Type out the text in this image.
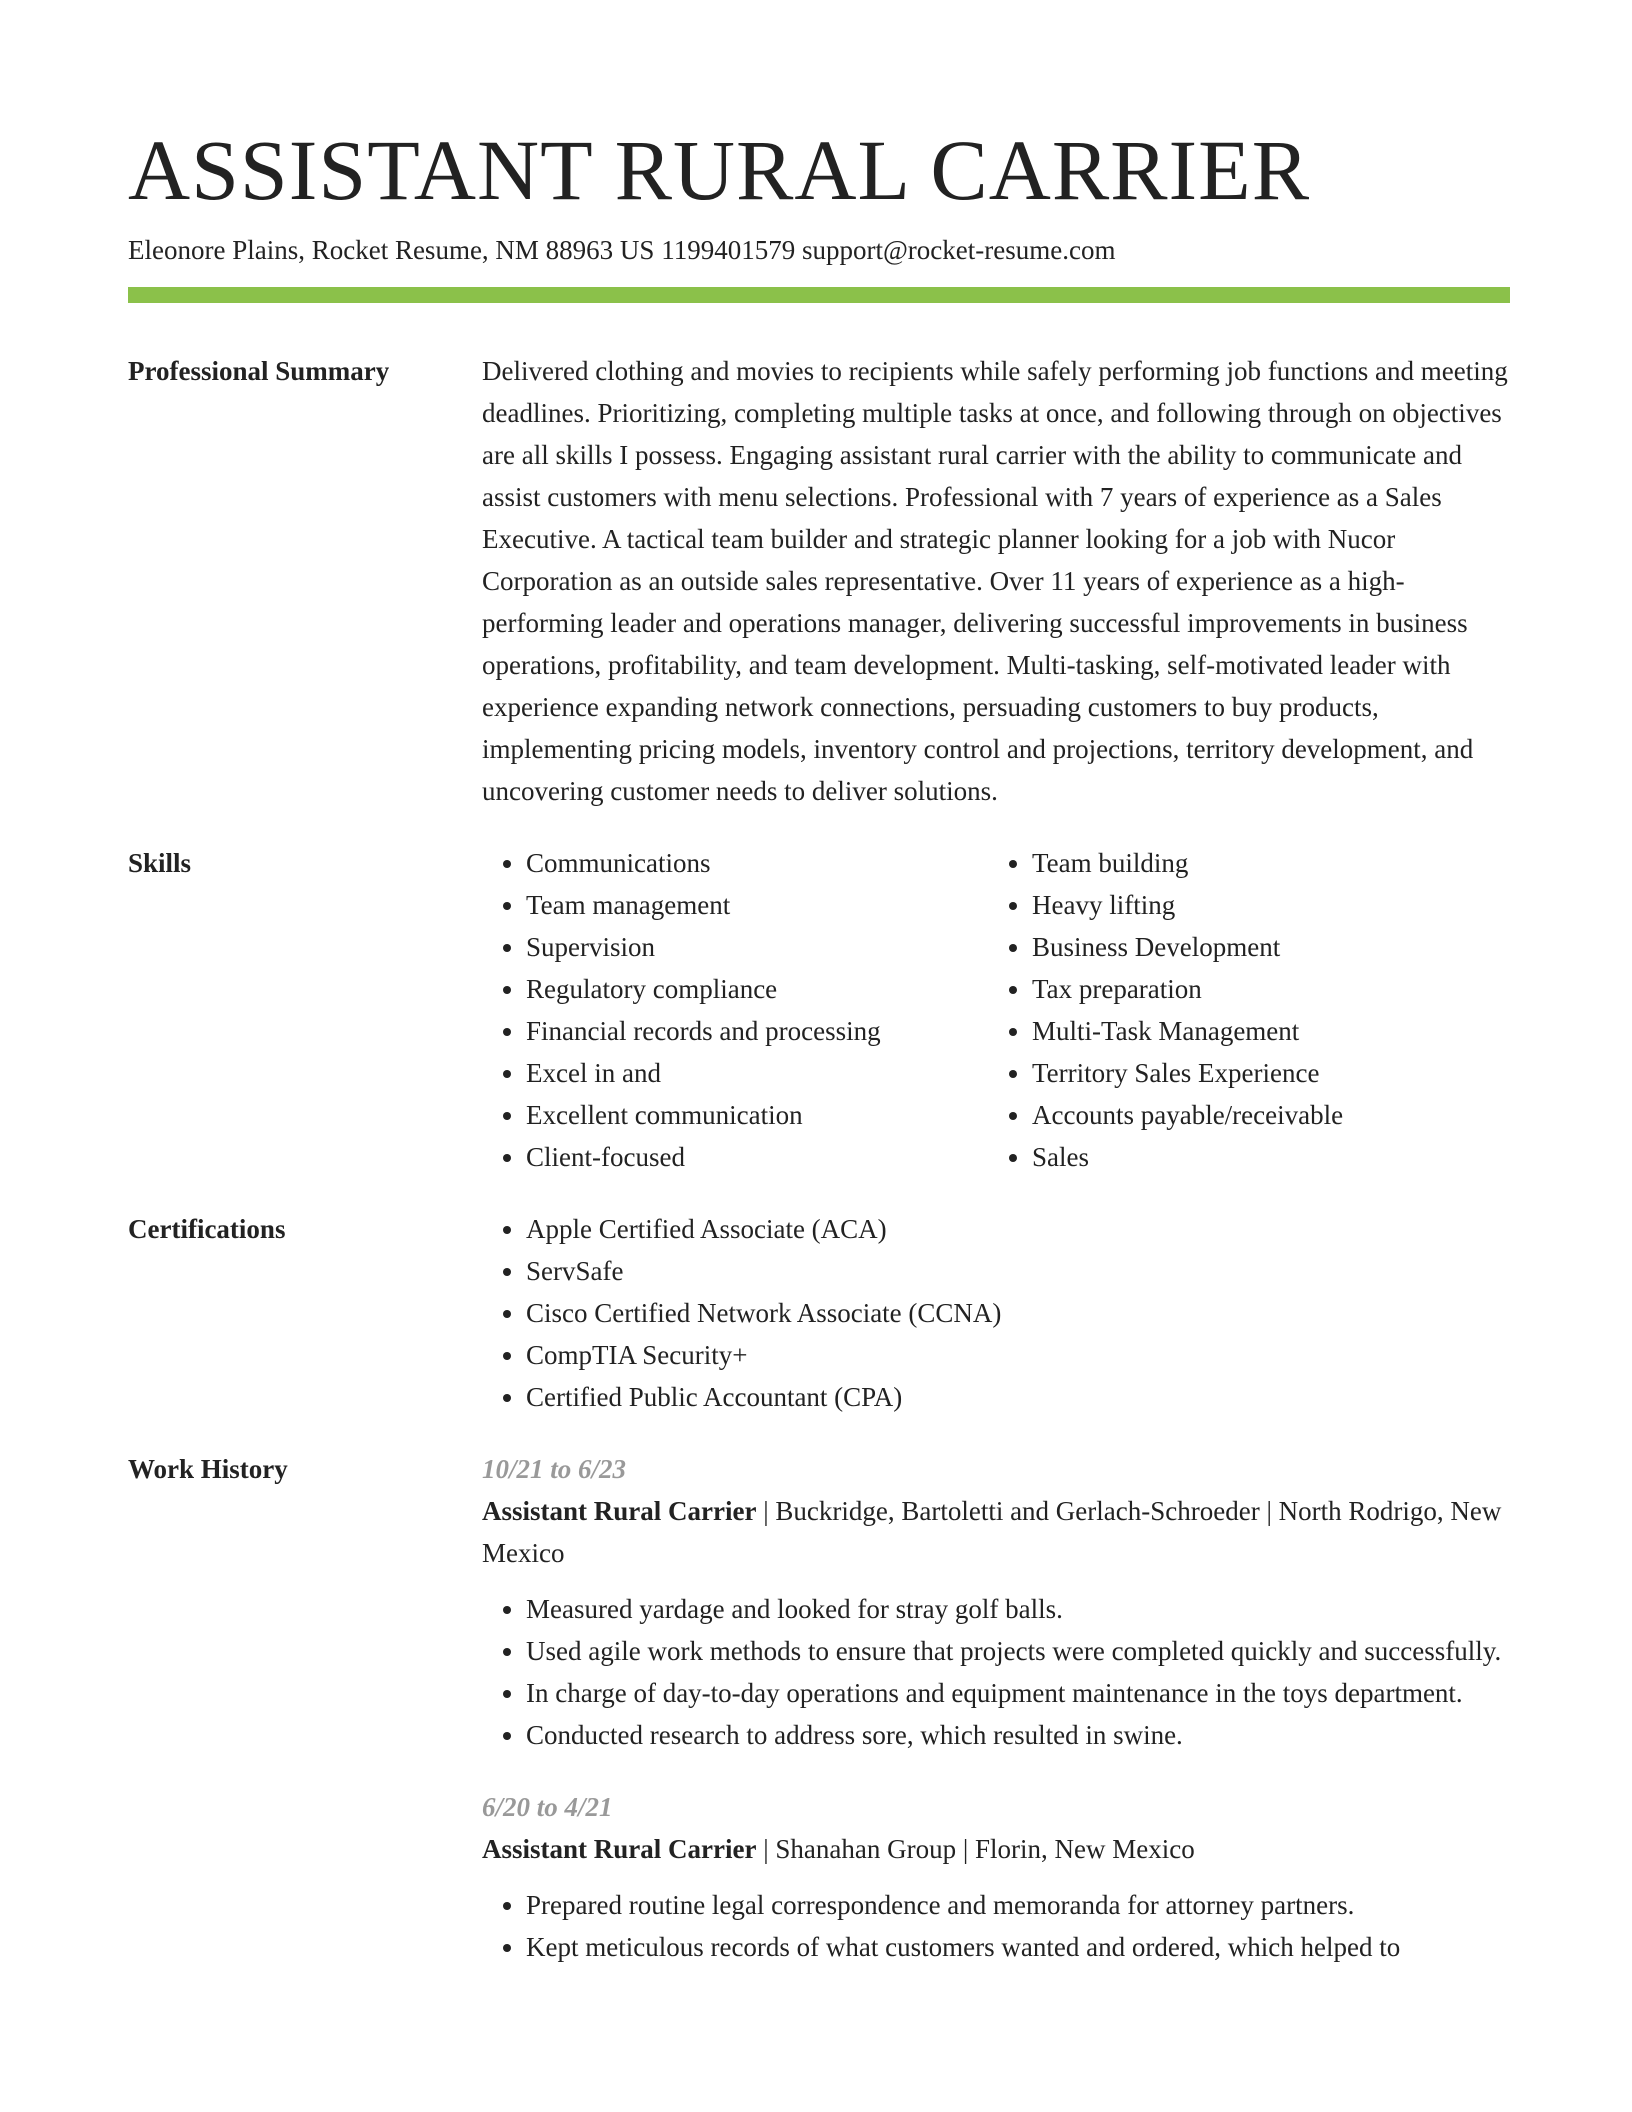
ASSISTANT RURAL CARRIER
Eleonore Plains, Rocket Resume, NM 88963 US 1199401579 support@rocket-resume.com
Professional Summary	Delivered clothing and movies to recipients while safely performing job functions and meeting deadlines. Prioritizing, completing multiple tasks at once, and following through on objectives are all skills I possess. Engaging assistant rural carrier with the ability to communicate and assist customers with menu selections. Professional with 7 years of experience as a Sales Executive. A tactical team builder and strategic planner looking for a job with Nucor Corporation as an outside sales representative. Over 11 years of experience as a high-performing leader and operations manager, delivering successful improvements in business operations, profitability, and team development. Multi-tasking, self-motivated leader with experience expanding network connections, persuading customers to buy products, implementing pricing models, inventory control and projections, territory development, and uncovering customer needs to deliver solutions.

Skills	• Communications
• Team management
• Supervision
• Regulatory compliance
• Financial records and processing
• Excel in and
• Excellent communication
• Client-focused
• Team building
• Heavy lifting
• Business Development
• Tax preparation
• Multi-Task Management
• Territory Sales Experience
• Accounts payable/receivable
• Sales
Certifications	• Apple Certified Associate (ACA)
• ServSafe
• Cisco Certified Network Associate (CCNA)
• CompTIA Security+
• Certified Public Accountant (CPA)
Work History	10/21 to 6/23
Assistant Rural Carrier | Buckridge, Bartoletti and Gerlach-Schroeder | North Rodrigo, New Mexico
• Measured yardage and looked for stray golf balls.
• Used agile work methods to ensure that projects were completed quickly and successfully.
• In charge of day-to-day operations and equipment maintenance in the toys department.
• Conducted research to address sore, which resulted in swine.
6/20 to 4/21
Assistant Rural Carrier | Shanahan Group | Florin, New Mexico
• Prepared routine legal correspondence and memoranda for attorney partners.
• Kept meticulous records of what customers wanted and ordered, which helped to
